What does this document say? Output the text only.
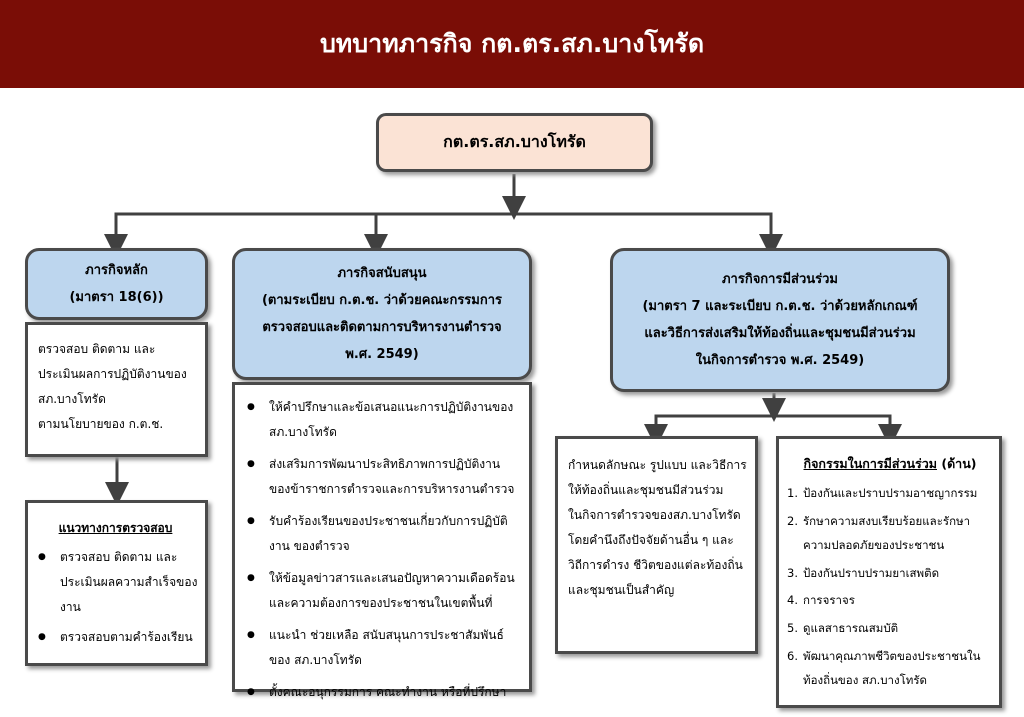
บทบาทภารกิจ กต.ตร.สภ.บางโทรัด
กต.ตร.สภ.บางโทรัด
ภารกิจหลัก
(มาตรา 18(6))

ตรวจสอบ ติดตาม และ

ประเมินผลการปฏิบัติงานของ

สภ.บางโทรัด

ตามนโยบายของ ก.ต.ช.

แนวทางการตรวจสอบ
● ตรวจสอบ ติดตาม และประเมินผลความสำเร็จของงาน
● ตรวจสอบตามคำร้องเรียน
ภารกิจสนับสนุน
(ตามระเบียบ ก.ต.ช. ว่าด้วยคณะกรรมการ
ตรวจสอบและติดตามการบริหารงานตำรวจ
พ.ศ. 2549)
● ให้คำปรึกษาและข้อเสนอแนะการปฏิบัติงานของ สภ.บางโทรัด
● ส่งเสริมการพัฒนาประสิทธิภาพการปฏิบัติงานของข้าราชการตำรวจและการบริหารงานตำรวจ
● รับคำร้องเรียนของประชาชนเกี่ยวกับการปฏิบัติงาน ของตำรวจ
● ให้ข้อมูลข่าวสารและเสนอปัญหาความเดือดร้อนและความต้องการของประชาชนในเขตพื้นที่
● แนะนำ ช่วยเหลือ สนับสนุนการประชาสัมพันธ์ ของ สภ.บางโทรัด
● ตั้งคณะอนุกรรมการ คณะทำงาน หรือที่ปรึกษา
ภารกิจการมีส่วนร่วม
(มาตรา 7 และระเบียบ ก.ต.ช. ว่าด้วยหลักเกณฑ์
และวิธีการส่งเสริมให้ท้องถิ่นและชุมชนมีส่วนร่วม
ในกิจการตำรวจ พ.ศ. 2549)

กำหนดลักษณะ รูปแบบ และวิธีการ

ให้ท้องถิ่นและชุมชนมีส่วนร่วม

ในกิจการตำรวจของสภ.บางโทรัด

โดยคำนึงถึงปัจจัยด้านอื่น ๆ และ

วิถีการดำรง ชีวิตของแต่ละท้องถิ่น

และชุมชนเป็นสำคัญ

กิจกรรมในการมีส่วนร่วม (ด้าน)
1. ป้องกันและปราบปรามอาชญากรรม
2. รักษาความสงบเรียบร้อยและรักษาความปลอดภัยของประชาชน
3. ป้องกันปราบปรามยาเสพติด
4. การจราจร
5. ดูแลสาธารณสมบัติ
6. พัฒนาคุณภาพชีวิตของประชาชนในท้องถิ่นของ สภ.บางโทรัด
